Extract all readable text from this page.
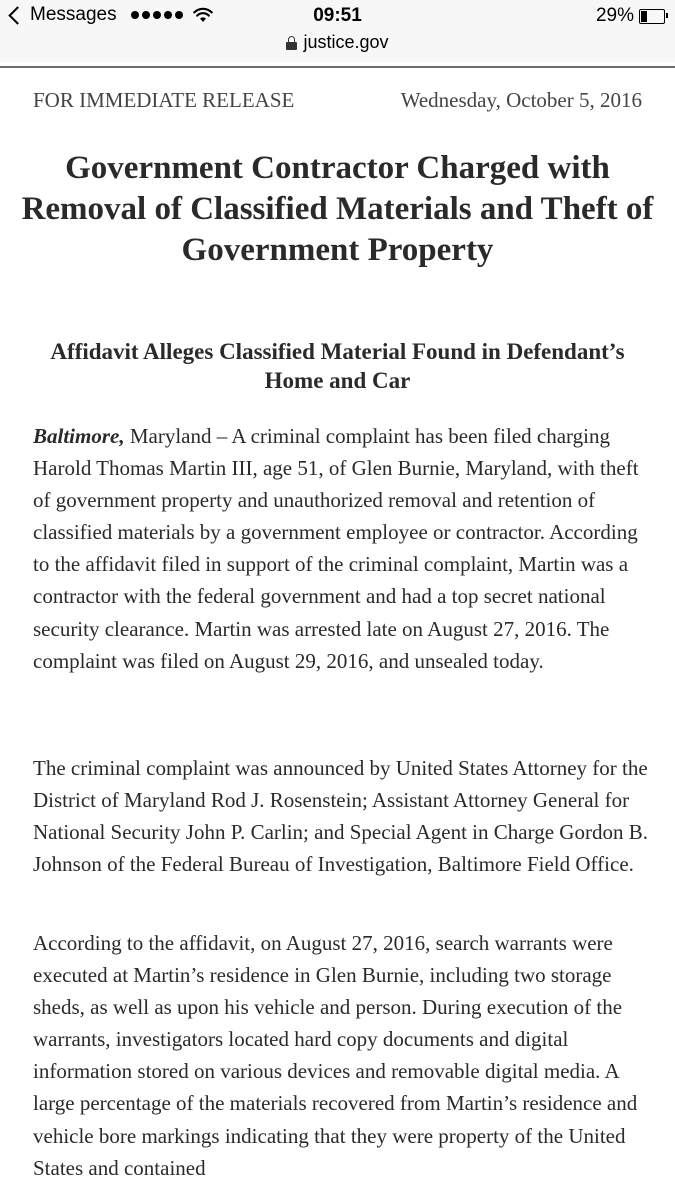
Messages	09:51	29%
justice.gov
FOR IMMEDIATE RELEASE	Wednesday, October 5, 2016
Government Contractor Charged with Removal of Classified Materials and Theft of Government Property
Affidavit Alleges Classified Material Found in Defendant’s Home and Car

Baltimore, Maryland – A criminal complaint has been filed charging Harold Thomas Martin III, age 51, of Glen Burnie, Maryland, with theft of government property and unauthorized removal and retention of classified materials by a government employee or contractor. According to the affidavit filed in support of the criminal complaint, Martin was a contractor with the federal government and had a top secret national security clearance. Martin was arrested late on August 27, 2016. The complaint was filed on August 29, 2016, and unsealed today.

The criminal complaint was announced by United States Attorney for the District of Maryland Rod J. Rosenstein; Assistant Attorney General for National Security John P. Carlin; and Special Agent in Charge Gordon B. Johnson of the Federal Bureau of Investigation, Baltimore Field Office.

According to the affidavit, on August 27, 2016, search warrants were executed at Martin’s residence in Glen Burnie, including two storage sheds, as well as upon his vehicle and person. During execution of the warrants, investigators located hard copy documents and digital information stored on various devices and removable digital media. A large percentage of the materials recovered from Martin’s residence and vehicle bore markings indicating that they were property of the United States and contained
